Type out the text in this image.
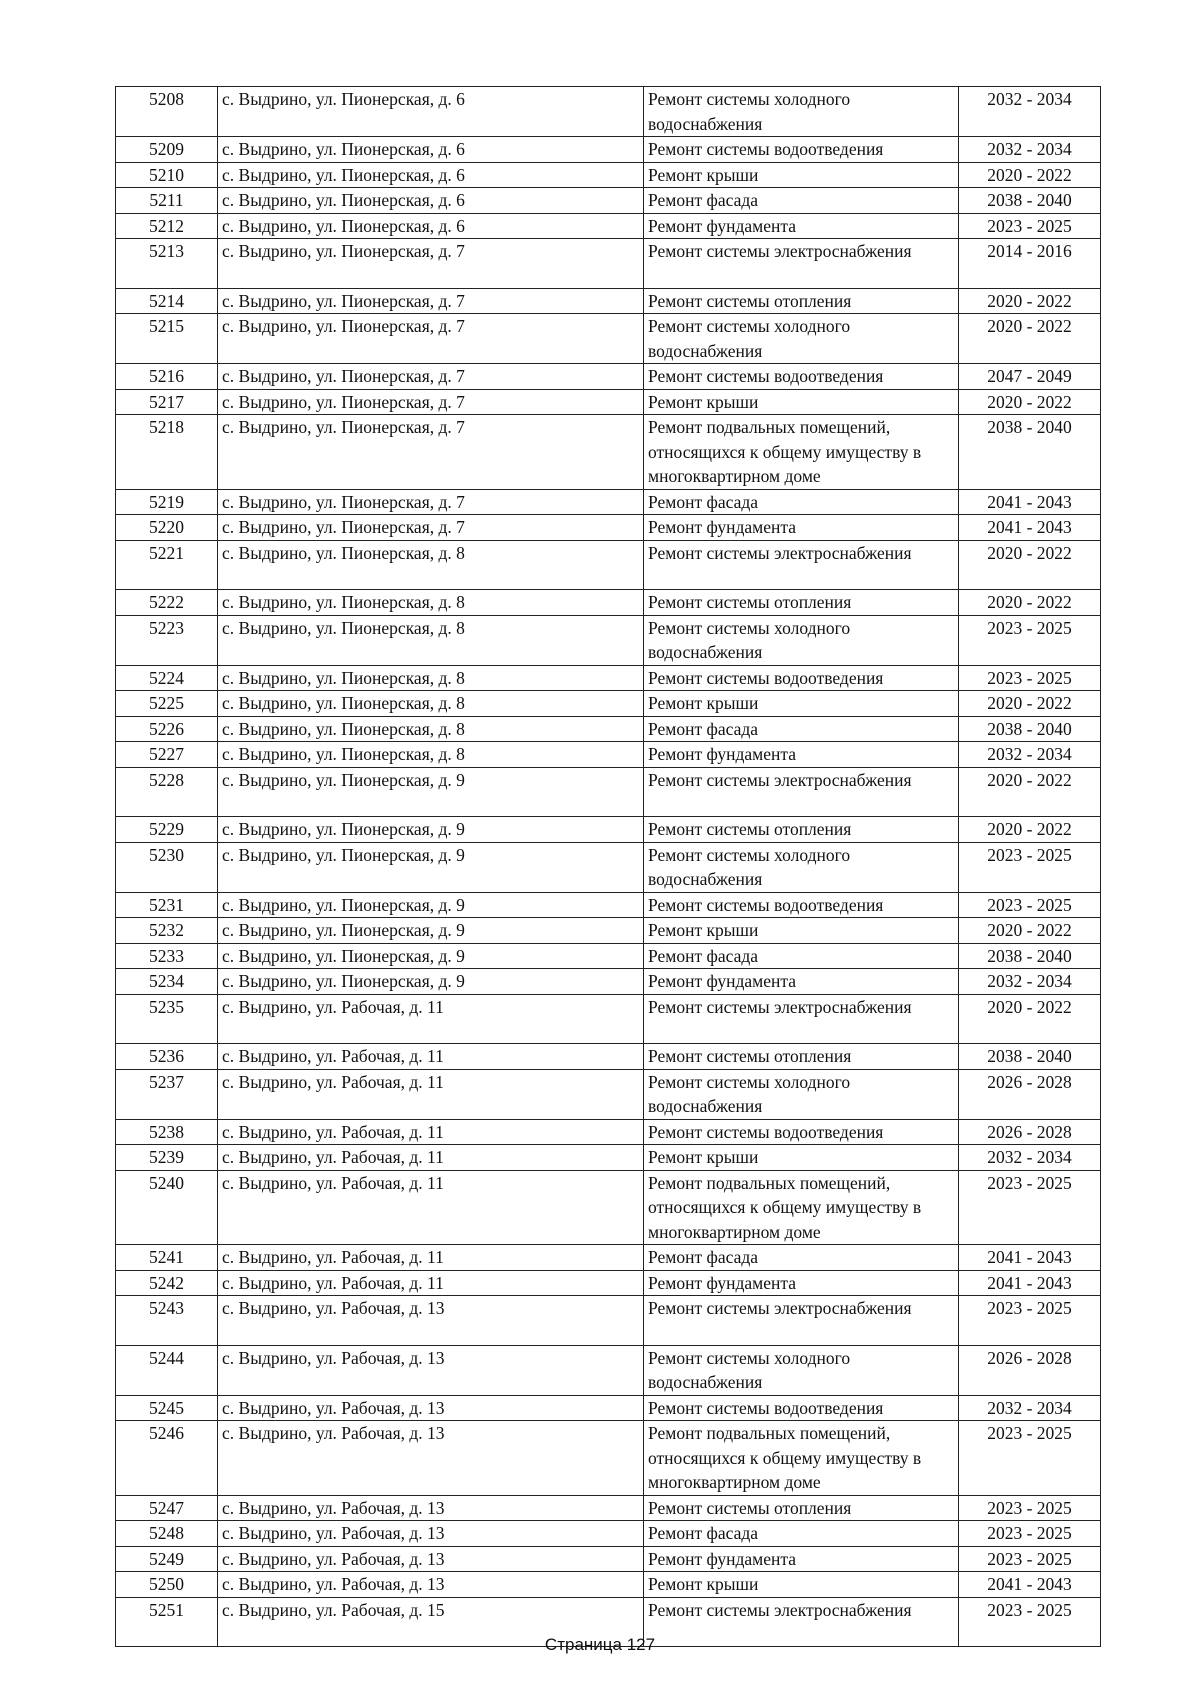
5208	с. Выдрино, ул. Пионерская, д. 6	Ремонт системы холодного водоснабжения	2032 - 2034
5209	с. Выдрино, ул. Пионерская, д. 6	Ремонт системы водоотведения	2032 - 2034
5210	с. Выдрино, ул. Пионерская, д. 6	Ремонт крыши	2020 - 2022
5211	с. Выдрино, ул. Пионерская, д. 6	Ремонт фасада	2038 - 2040
5212	с. Выдрино, ул. Пионерская, д. 6	Ремонт фундамента	2023 - 2025
5213	с. Выдрино, ул. Пионерская, д. 7	Ремонт системы электроснабжения	2014 - 2016
5214	с. Выдрино, ул. Пионерская, д. 7	Ремонт системы отопления	2020 - 2022
5215	с. Выдрино, ул. Пионерская, д. 7	Ремонт системы холодного водоснабжения	2020 - 2022
5216	с. Выдрино, ул. Пионерская, д. 7	Ремонт системы водоотведения	2047 - 2049
5217	с. Выдрино, ул. Пионерская, д. 7	Ремонт крыши	2020 - 2022
5218	с. Выдрино, ул. Пионерская, д. 7	Ремонт подвальных помещений, относящихся к общему имуществу в многоквартирном доме	2038 - 2040
5219	с. Выдрино, ул. Пионерская, д. 7	Ремонт фасада	2041 - 2043
5220	с. Выдрино, ул. Пионерская, д. 7	Ремонт фундамента	2041 - 2043
5221	с. Выдрино, ул. Пионерская, д. 8	Ремонт системы электроснабжения	2020 - 2022
5222	с. Выдрино, ул. Пионерская, д. 8	Ремонт системы отопления	2020 - 2022
5223	с. Выдрино, ул. Пионерская, д. 8	Ремонт системы холодного водоснабжения	2023 - 2025
5224	с. Выдрино, ул. Пионерская, д. 8	Ремонт системы водоотведения	2023 - 2025
5225	с. Выдрино, ул. Пионерская, д. 8	Ремонт крыши	2020 - 2022
5226	с. Выдрино, ул. Пионерская, д. 8	Ремонт фасада	2038 - 2040
5227	с. Выдрино, ул. Пионерская, д. 8	Ремонт фундамента	2032 - 2034
5228	с. Выдрино, ул. Пионерская, д. 9	Ремонт системы электроснабжения	2020 - 2022
5229	с. Выдрино, ул. Пионерская, д. 9	Ремонт системы отопления	2020 - 2022
5230	с. Выдрино, ул. Пионерская, д. 9	Ремонт системы холодного водоснабжения	2023 - 2025
5231	с. Выдрино, ул. Пионерская, д. 9	Ремонт системы водоотведения	2023 - 2025
5232	с. Выдрино, ул. Пионерская, д. 9	Ремонт крыши	2020 - 2022
5233	с. Выдрино, ул. Пионерская, д. 9	Ремонт фасада	2038 - 2040
5234	с. Выдрино, ул. Пионерская, д. 9	Ремонт фундамента	2032 - 2034
5235	с. Выдрино, ул. Рабочая, д. 11	Ремонт системы электроснабжения	2020 - 2022
5236	с. Выдрино, ул. Рабочая, д. 11	Ремонт системы отопления	2038 - 2040
5237	с. Выдрино, ул. Рабочая, д. 11	Ремонт системы холодного водоснабжения	2026 - 2028
5238	с. Выдрино, ул. Рабочая, д. 11	Ремонт системы водоотведения	2026 - 2028
5239	с. Выдрино, ул. Рабочая, д. 11	Ремонт крыши	2032 - 2034
5240	с. Выдрино, ул. Рабочая, д. 11	Ремонт подвальных помещений, относящихся к общему имуществу в многоквартирном доме	2023 - 2025
5241	с. Выдрино, ул. Рабочая, д. 11	Ремонт фасада	2041 - 2043
5242	с. Выдрино, ул. Рабочая, д. 11	Ремонт фундамента	2041 - 2043
5243	с. Выдрино, ул. Рабочая, д. 13	Ремонт системы электроснабжения	2023 - 2025
5244	с. Выдрино, ул. Рабочая, д. 13	Ремонт системы холодного водоснабжения	2026 - 2028
5245	с. Выдрино, ул. Рабочая, д. 13	Ремонт системы водоотведения	2032 - 2034
5246	с. Выдрино, ул. Рабочая, д. 13	Ремонт подвальных помещений, относящихся к общему имуществу в многоквартирном доме	2023 - 2025
5247	с. Выдрино, ул. Рабочая, д. 13	Ремонт системы отопления	2023 - 2025
5248	с. Выдрино, ул. Рабочая, д. 13	Ремонт фасада	2023 - 2025
5249	с. Выдрино, ул. Рабочая, д. 13	Ремонт фундамента	2023 - 2025
5250	с. Выдрино, ул. Рабочая, д. 13	Ремонт крыши	2041 - 2043
5251	с. Выдрино, ул. Рабочая, д. 15	Ремонт системы электроснабжения	2023 - 2025
Страница 127
